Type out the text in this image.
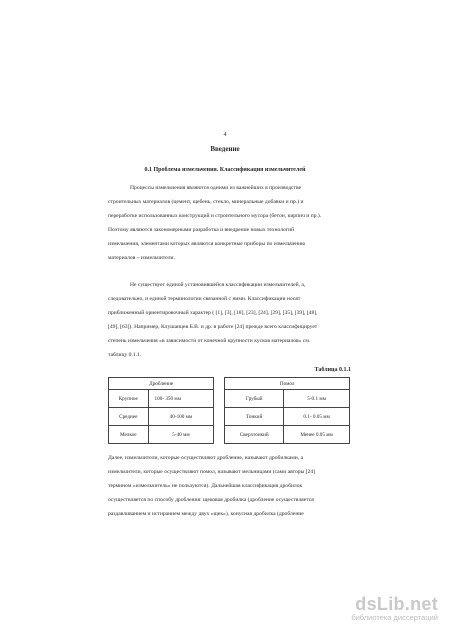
4
Введение
0.1 Проблема измельчения. Классификация измельчителей
Процессы измельчения являются одними из важнейших в производстве
строительных материалов (цемент, щебень, стекло, минеральные добавки и пр.) и
переработке использованных конструкций и строительного мусора (бетон, кирпич и пр.).
Поэтому являются закономерными разработка и внедрение новых технологий
измельчения, элементами которых являются конкретные приборы по измельчению
материалов – измельчители.
Не существует единой установившейся классификации измельчителей, а,
следовательно, и единой терминологии связанной с ними. Классификации носят
приближенный ориентировочный характер ( [1], [3], [18], [23], [24], [29], [35], [39], [48],
[49], [63]). Например, Клушанцев Б.В. и др. в работе [24] прежде всего классифицирует
степень измельчения «в зависимости от конечной крупности кусков материалов» см.
таблицу 0.1.1.
Таблица 0.1.1
Дробление			Помол	
Крупное	100- 350 мм		Грубый	5-0.1 мм
Среднее	40-100 мм		Тонкий	0.1- 0.05 мм
Мелкое	5-40 мм		Сверхтонкий	Менее 0.05 мм
Далее, измельчители, которые осуществляют дробление, называют дробилками, а
измельчители, которые осуществляют помол, называют мельницами (сами авторы [24]
термином «измельчитель» не пользуются). Дальнейшая классификация дробилок
осуществляется по способу дробления: щековая дробилка (дробление осуществляется
раздавливанием и истиранием между двух «щек»), конусная дробилка (дробление
dsLib.net
библиотека диссертаций
